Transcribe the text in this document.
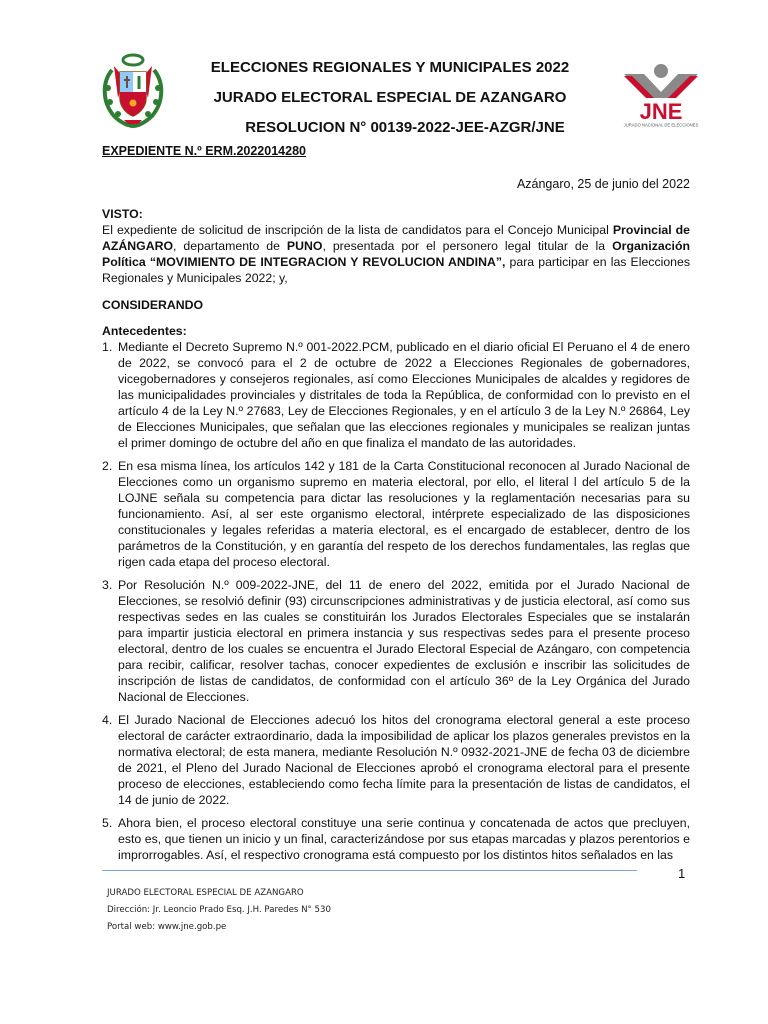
ELECCIONES REGIONALES Y MUNICIPALES 2022

JURADO ELECTORAL ESPECIAL DE AZANGARO

RESOLUCION N° 00139-2022-JEE-AZGR/JNE

JNE
JURADO NACIONAL DE ELECCIONES
EXPEDIENTE N.º ERM.2022014280
Azángaro, 25 de junio del 2022

VISTO:

El expediente de solicitud de inscripción de la lista de candidatos para el Concejo Municipal Provincial de AZÁNGARO, departamento de PUNO, presentada por el personero legal titular de la Organización Política “MOVIMIENTO DE INTEGRACION Y REVOLUCION ANDINA”, para participar en las Elecciones Regionales y Municipales 2022; y,

CONSIDERANDO

Antecedentes:

1. Mediante el Decreto Supremo N.º 001-2022.PCM, publicado en el diario oficial El Peruano el 4 de enero de 2022, se convocó para el 2 de octubre de 2022 a Elecciones Regionales de gobernadores, vicegobernadores y consejeros regionales, así como Elecciones Municipales de alcaldes y regidores de las municipalidades provinciales y distritales de toda la República, de conformidad con lo previsto en el artículo 4 de la Ley N.º 27683, Ley de Elecciones Regionales, y en el artículo 3 de la Ley N.º 26864, Ley de Elecciones Municipales, que señalan que las elecciones regionales y municipales se realizan juntas el primer domingo de octubre del año en que finaliza el mandato de las autoridades.
2. En esa misma línea, los artículos 142 y 181 de la Carta Constitucional reconocen al Jurado Nacional de Elecciones como un organismo supremo en materia electoral, por ello, el literal l del artículo 5 de la LOJNE señala su competencia para dictar las resoluciones y la reglamentación necesarias para su funcionamiento. Así, al ser este organismo electoral, intérprete especializado de las disposiciones constitucionales y legales referidas a materia electoral, es el encargado de establecer, dentro de los parámetros de la Constitución, y en garantía del respeto de los derechos fundamentales, las reglas que rigen cada etapa del proceso electoral.
3. Por Resolución N.º 009-2022-JNE, del 11 de enero del 2022, emitida por el Jurado Nacional de Elecciones, se resolvió definir (93) circunscripciones administrativas y de justicia electoral, así como sus respectivas sedes en las cuales se constituirán los Jurados Electorales Especiales que se instalarán para impartir justicia electoral en primera instancia y sus respectivas sedes para el presente proceso electoral, dentro de los cuales se encuentra el Jurado Electoral Especial de Azángaro, con competencia para recibir, calificar, resolver tachas, conocer expedientes de exclusión e inscribir las solicitudes de inscripción de listas de candidatos, de conformidad con el artículo 36º de la Ley Orgánica del Jurado Nacional de Elecciones.
4. El Jurado Nacional de Elecciones adecuó los hitos del cronograma electoral general a este proceso electoral de carácter extraordinario, dada la imposibilidad de aplicar los plazos generales previstos en la normativa electoral; de esta manera, mediante Resolución N.º 0932-2021-JNE de fecha 03 de diciembre de 2021, el Pleno del Jurado Nacional de Elecciones aprobó el cronograma electoral para el presente proceso de elecciones, estableciendo como fecha límite para la presentación de listas de candidatos, el 14 de junio de 2022.
5. Ahora bien, el proceso electoral constituye una serie continua y concatenada de actos que precluyen, esto es, que tienen un inicio y un final, caracterizándose por sus etapas marcadas y plazos perentorios e improrrogables. Así, el respectivo cronograma está compuesto por los distintos hitos señalados en las
1
JURADO ELECTORAL ESPECIAL DE AZANGARO
Dirección: Jr. Leoncio Prado Esq. J.H. Paredes N° 530
Portal web: www.jne.gob.pe
